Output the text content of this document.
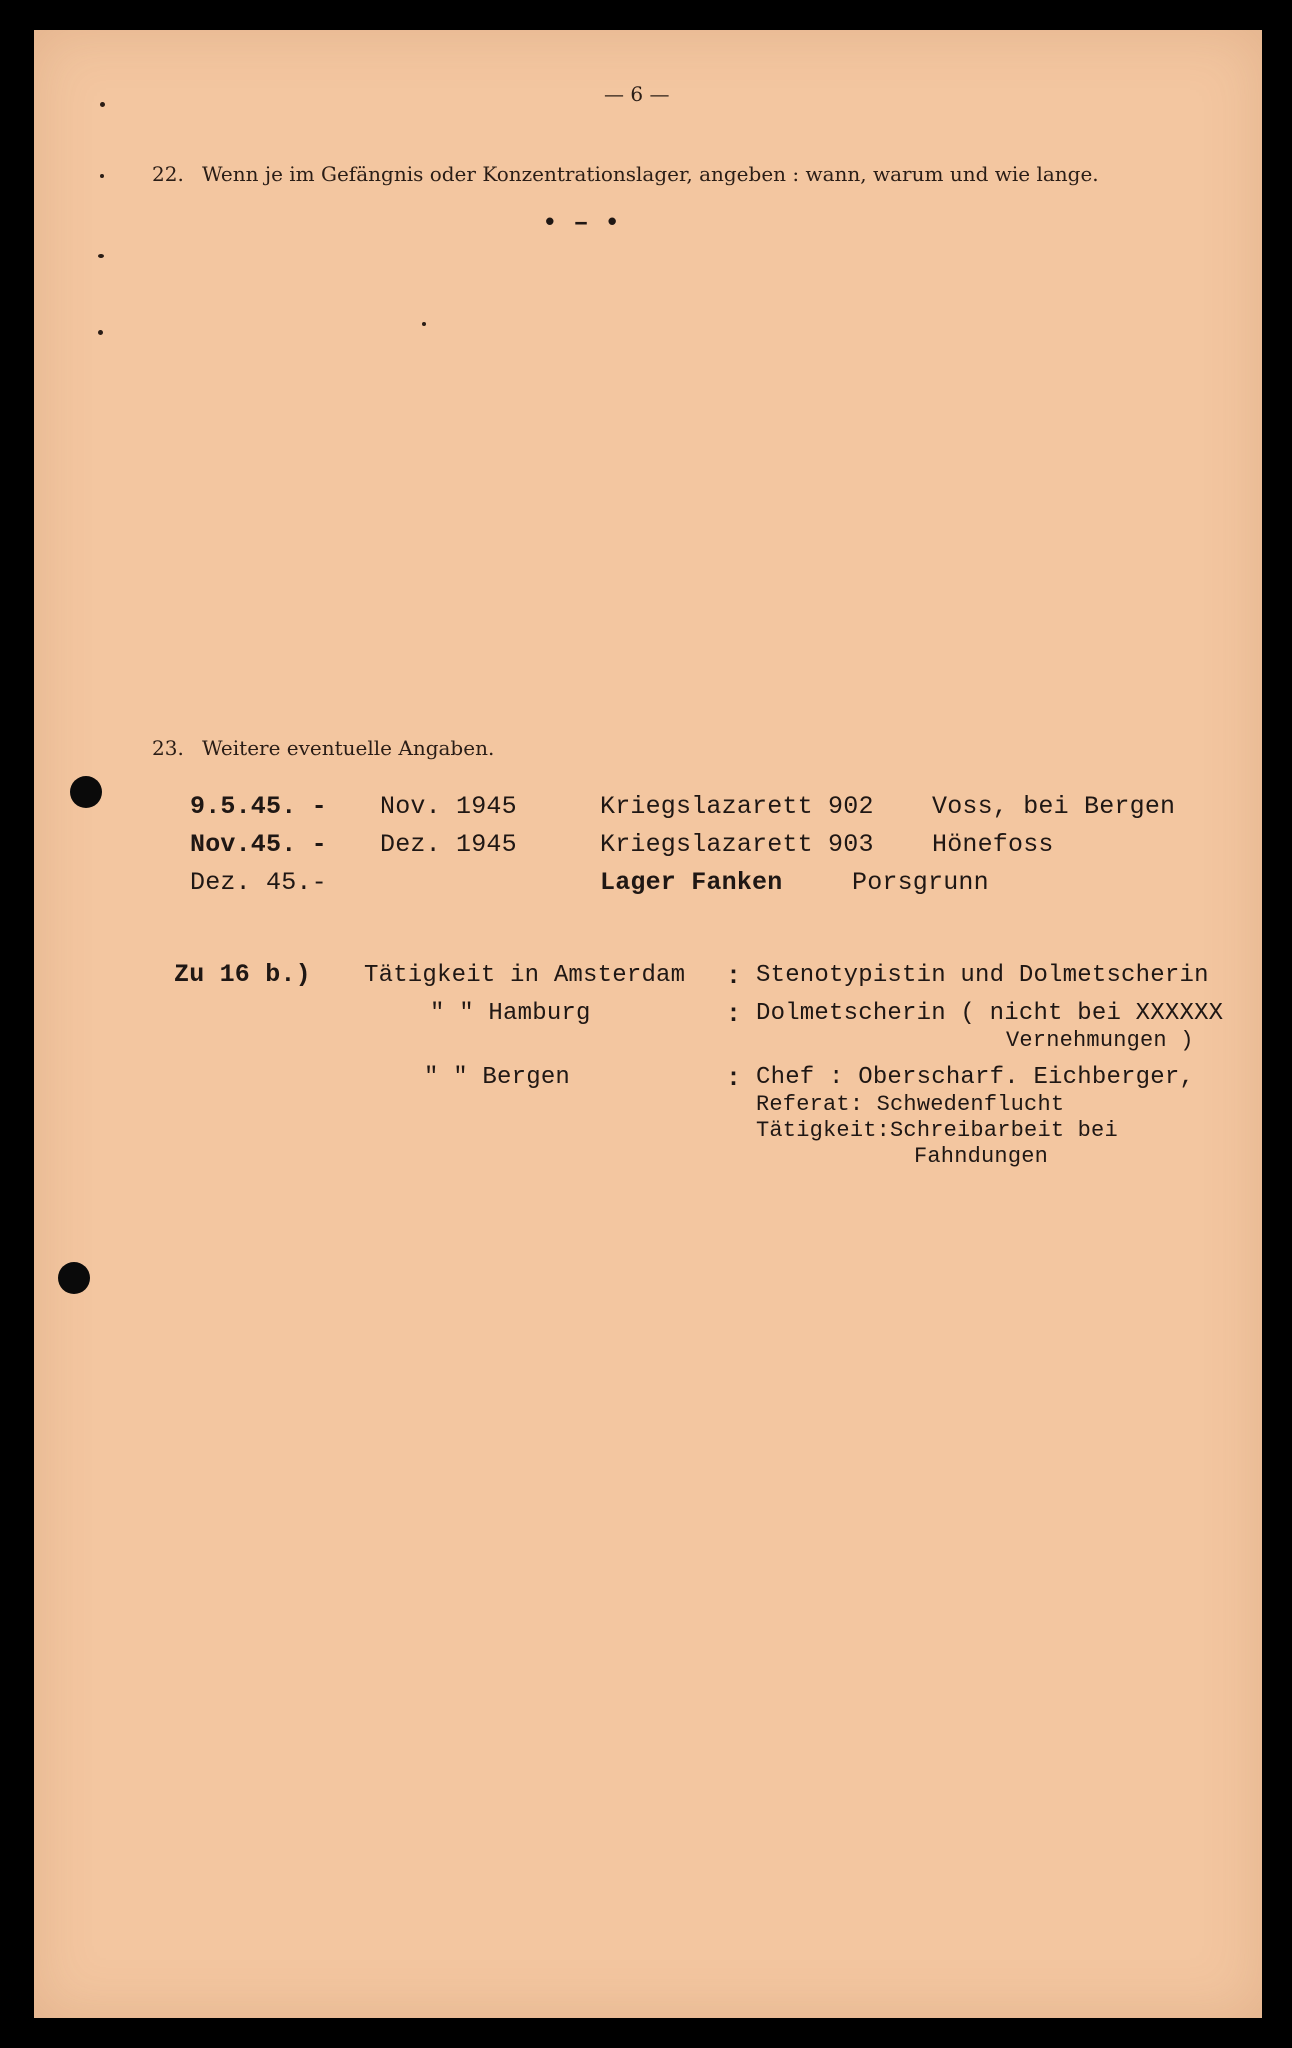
— 6 —
22. Wenn je im Gefängnis oder Konzentrationslager, angeben : wann, warum und wie lange.
• – •
23. Weitere eventuelle Angaben.
9.5.45. - Nov. 1945	Kriegslazarett 902 Voss, bei Bergen
Nov.45. - Dez. 1945	Kriegslazarett 903 Hönefoss
Dez. 45.-	Lager Fanken	Porsgrunn
Zu 16 b.) Tätigkeit in Amsterdam : Stenotypistin und Dolmetscherin
" " Hamburg	: Dolmetscherin ( nicht bei XXXXXX
Vernehmungen )
" " Bergen	: Chef : Oberscharf. Eichberger,
Referat: Schwedenflucht
Tätigkeit:Schreibarbeit bei
Fahndungen
